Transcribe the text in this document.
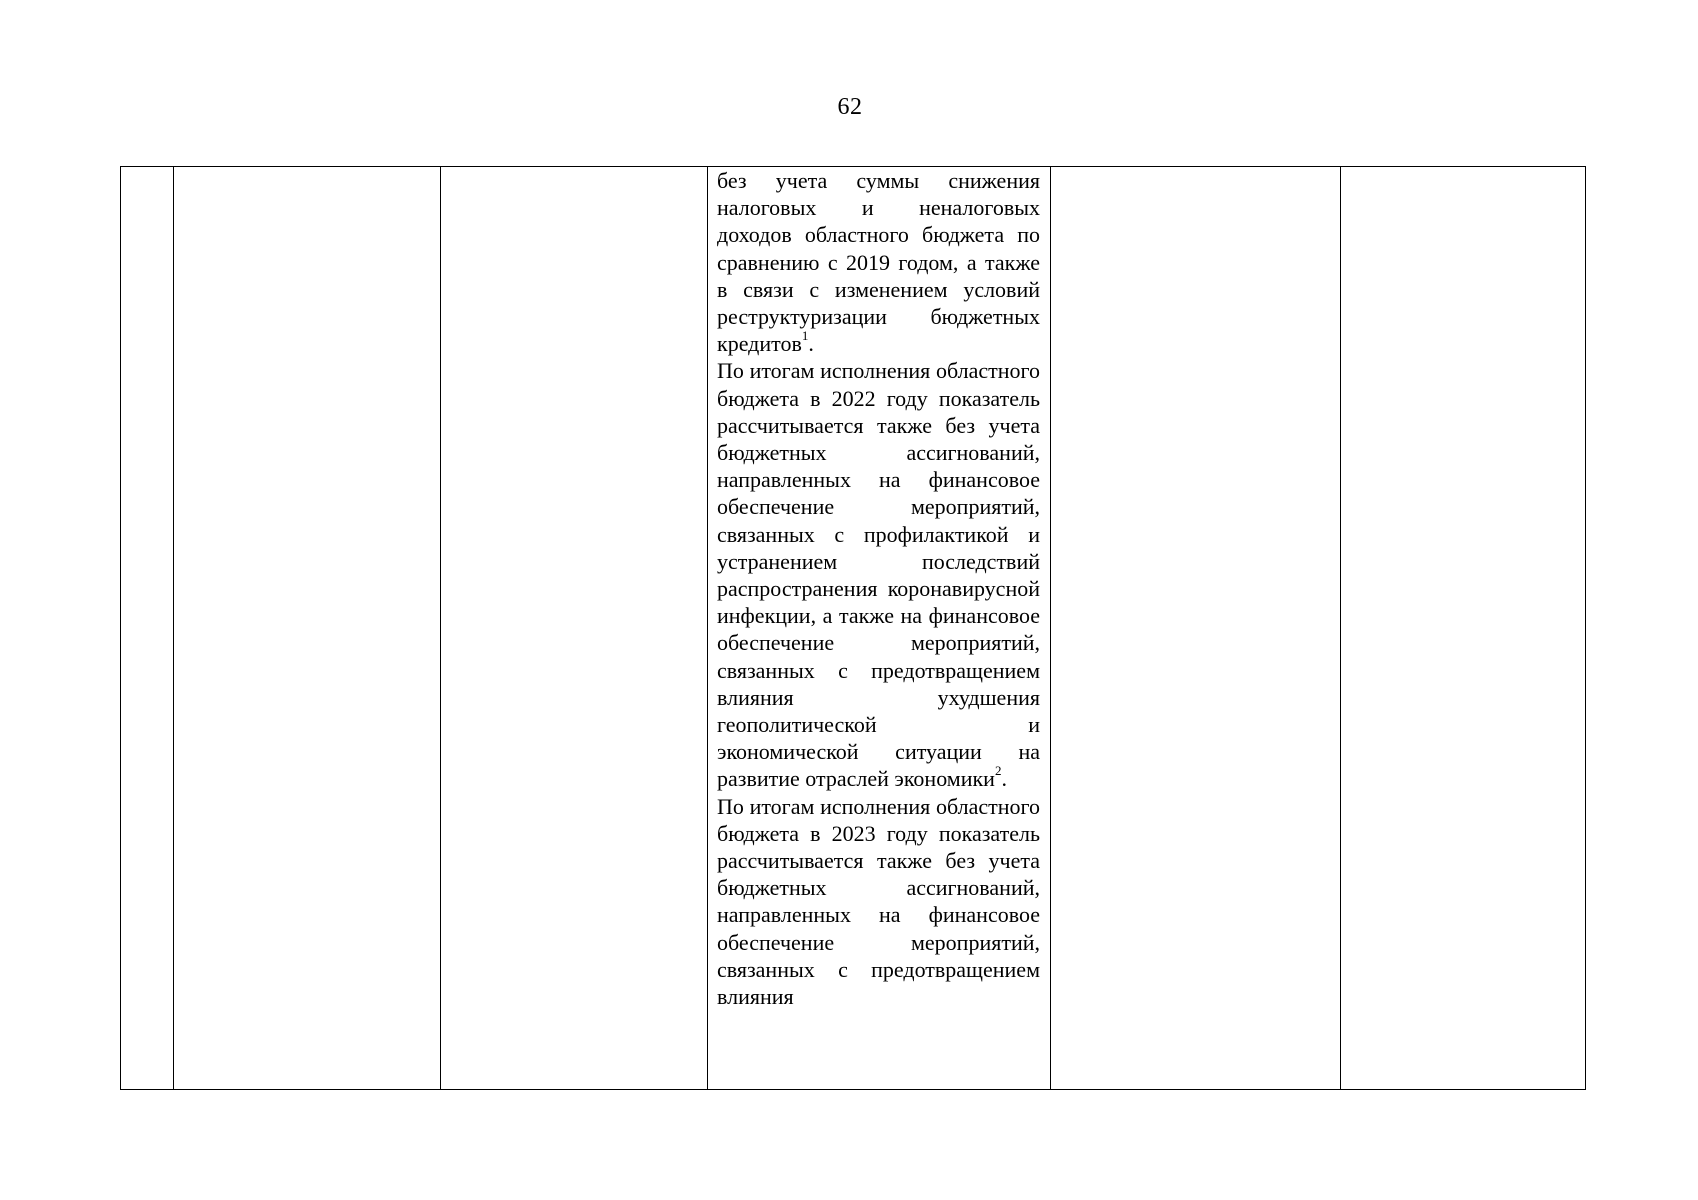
62

без учета суммы снижения налоговых и неналоговых доходов областного бюджета по сравнению с 2019 годом, а также в связи с изменением условий реструктуризации бюджетных кредитов$^1$.

По итогам исполнения областного бюджета в 2022 году показатель рассчитывается также без учета бюджетных ассигнований, направленных на финансовое обеспечение мероприятий, связанных с профилактикой и устранением последствий распространения коронавирусной инфекции, а также на финансовое обеспечение мероприятий, связанных с предотвращением влияния ухудшения геополитической и экономической ситуации на развитие отраслей экономики$^2$.

По итогам исполнения областного бюджета в 2023 году показатель рассчитывается также без учета бюджетных ассигнований, направленных на финансовое обеспечение мероприятий, связанных с предотвращением влияния
